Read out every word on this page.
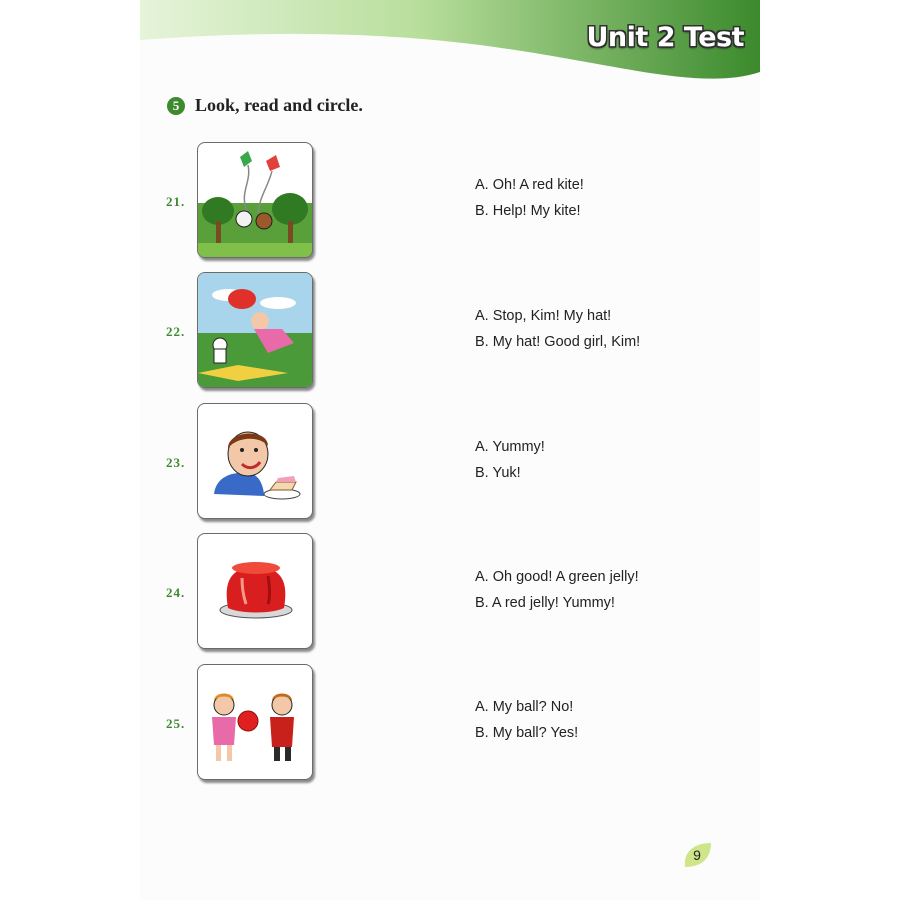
Unit 2 Test
5 Look, read and circle.
21.
A. Oh! A red kite!
B. Help! My kite!
22.
A. Stop, Kim! My hat!
B. My hat! Good girl, Kim!
23.
A. Yummy!
B. Yuk!
24.
A. Oh good! A green jelly!
B. A red jelly! Yummy!
25.
A. My ball? No!
B. My ball? Yes!
9
